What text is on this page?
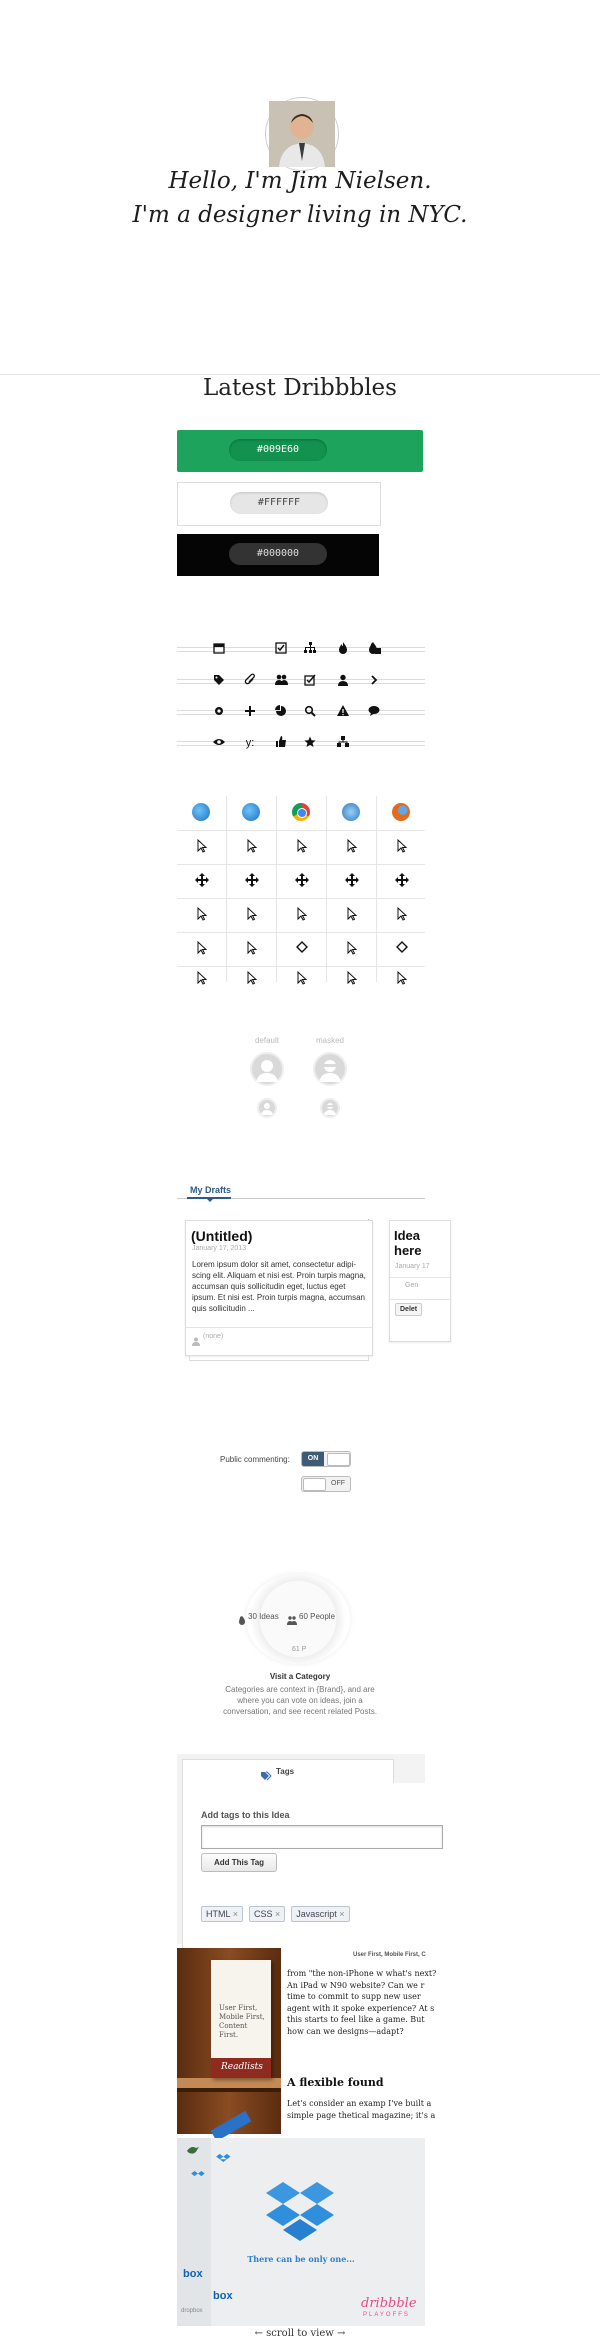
Hello, I'm Jim Nielsen.
I'm a designer living in NYC.
Latest Dribbbles
#009E60
#FFFFFF
#000000
y:
default	masked
My Drafts
(Untitled)
January 17, 2013
Lorem ipsum dolor sit amet, consectetur adipi-scing elit. Aliquam et nisi est. Proin turpis magna, accumsan quis sollicitudin eget, luctus eget ipsum. Et nisi est. Proin turpis magna, accumsan quis sollicitudin ...
(none)
Idea here
January 17
Gen
Delet
Public commenting:	ON
OFF
30 Ideas	60 People
61 P
Visit a Category
Categories are context in {Brand}, and are where you can vote on ideas, join a conversation, and see recent related Posts.
Tags
Add tags to this Idea
Add This Tag
HTML ×	CSS ×	Javascript ×
User First, Mobile First, Content First.
Readlists
User First, Mobile First, C
from "the non-iPhone w what's next? An iPad w N90 website? Can we r time to commit to supp new user agent with it spoke experience? At s this starts to feel like a game. But how can we designs—adapt?
A flexible found
Let's consider an examp I've built a simple page thetical magazine; it's a
There can be only one...
box
box
dropbox	dribbble
PLAYOFFS
← scroll to view →
